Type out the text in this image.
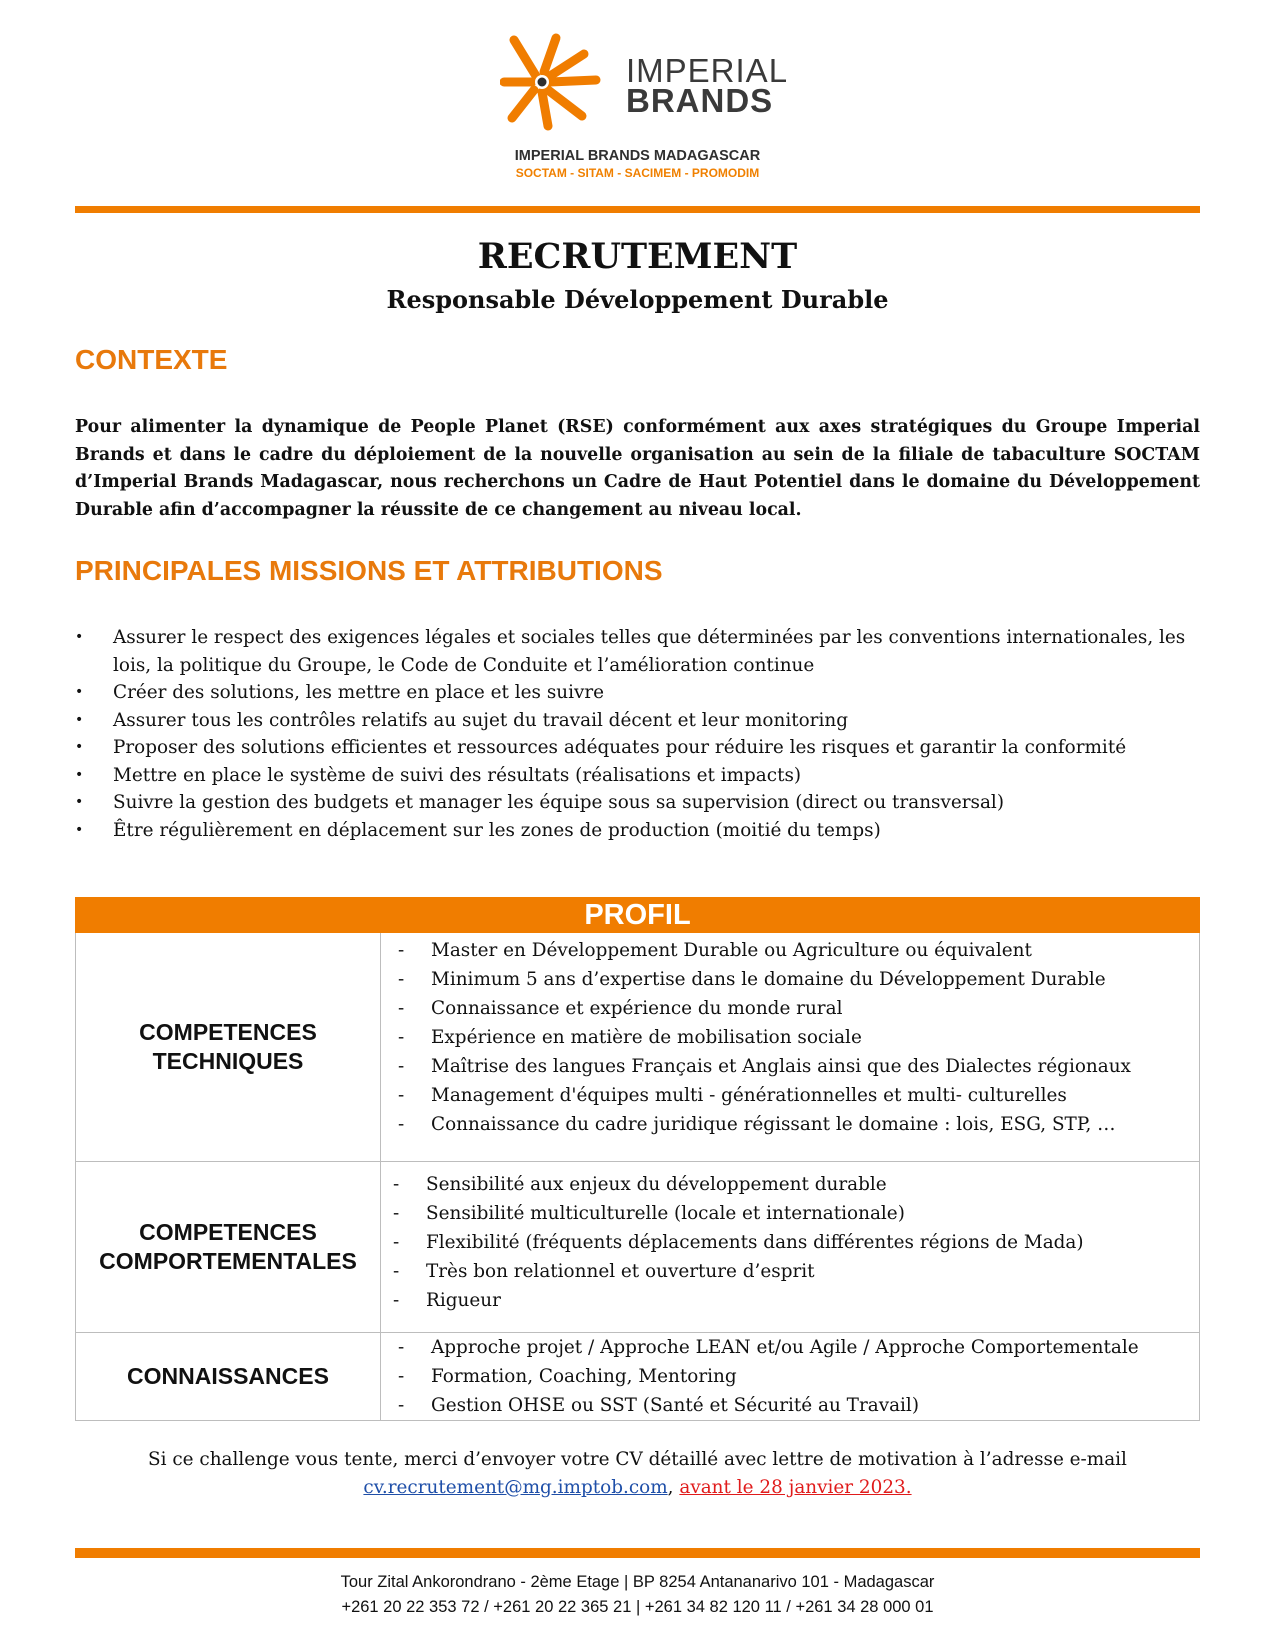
IMPERIAL
BRANDS
IMPERIAL BRANDS MADAGASCAR
SOCTAM - SITAM - SACIMEM - PROMODIM
RECRUTEMENT
Responsable Développement Durable
CONTEXTE
Pour alimenter la dynamique de People Planet (RSE) conformément aux axes stratégiques du Groupe Imperial Brands et dans le cadre du déploiement de la nouvelle organisation au sein de la filiale de tabaculture SOCTAM d’Imperial Brands Madagascar, nous recherchons un Cadre de Haut Potentiel dans le domaine du Développement Durable afin d’accompagner la réussite de ce changement au niveau local.
PRINCIPALES MISSIONS ET ATTRIBUTIONS
• Assurer le respect des exigences légales et sociales telles que déterminées par les conventions internationales, les lois, la politique du Groupe, le Code de Conduite et l’amélioration continue
• Créer des solutions, les mettre en place et les suivre
• Assurer tous les contrôles relatifs au sujet du travail décent et leur monitoring
• Proposer des solutions efficientes et ressources adéquates pour réduire les risques et garantir la conformité
• Mettre en place le système de suivi des résultats (réalisations et impacts)
• Suivre la gestion des budgets et manager les équipe sous sa supervision (direct ou transversal)
• Être régulièrement en déplacement sur les zones de production (moitié du temps)
PROFIL
COMPETENCES TECHNIQUES
- Master en Développement Durable ou Agriculture ou équivalent
- Minimum 5 ans d’expertise dans le domaine du Développement Durable
- Connaissance et expérience du monde rural
- Expérience en matière de mobilisation sociale
- Maîtrise des langues Français et Anglais ainsi que des Dialectes régionaux
- Management d'équipes multi - générationnelles et multi- culturelles
- Connaissance du cadre juridique régissant le domaine : lois, ESG, STP, …
COMPETENCES COMPORTEMENTALES
- Sensibilité aux enjeux du développement durable
- Sensibilité multiculturelle (locale et internationale)
- Flexibilité (fréquents déplacements dans différentes régions de Mada)
- Très bon relationnel et ouverture d’esprit
- Rigueur
CONNAISSANCES
- Approche projet / Approche LEAN et/ou Agile / Approche Comportementale
- Formation, Coaching, Mentoring
- Gestion OHSE ou SST (Santé et Sécurité au Travail)
Si ce challenge vous tente, merci d’envoyer votre CV détaillé avec lettre de motivation à l’adresse e-mail
cv.recrutement@mg.imptob.com, avant le 28 janvier 2023.
Tour Zital Ankorondrano - 2ème Etage | BP 8254 Antananarivo 101 - Madagascar
+261 20 22 353 72 / +261 20 22 365 21 | +261 34 82 120 11 / +261 34 28 000 01
